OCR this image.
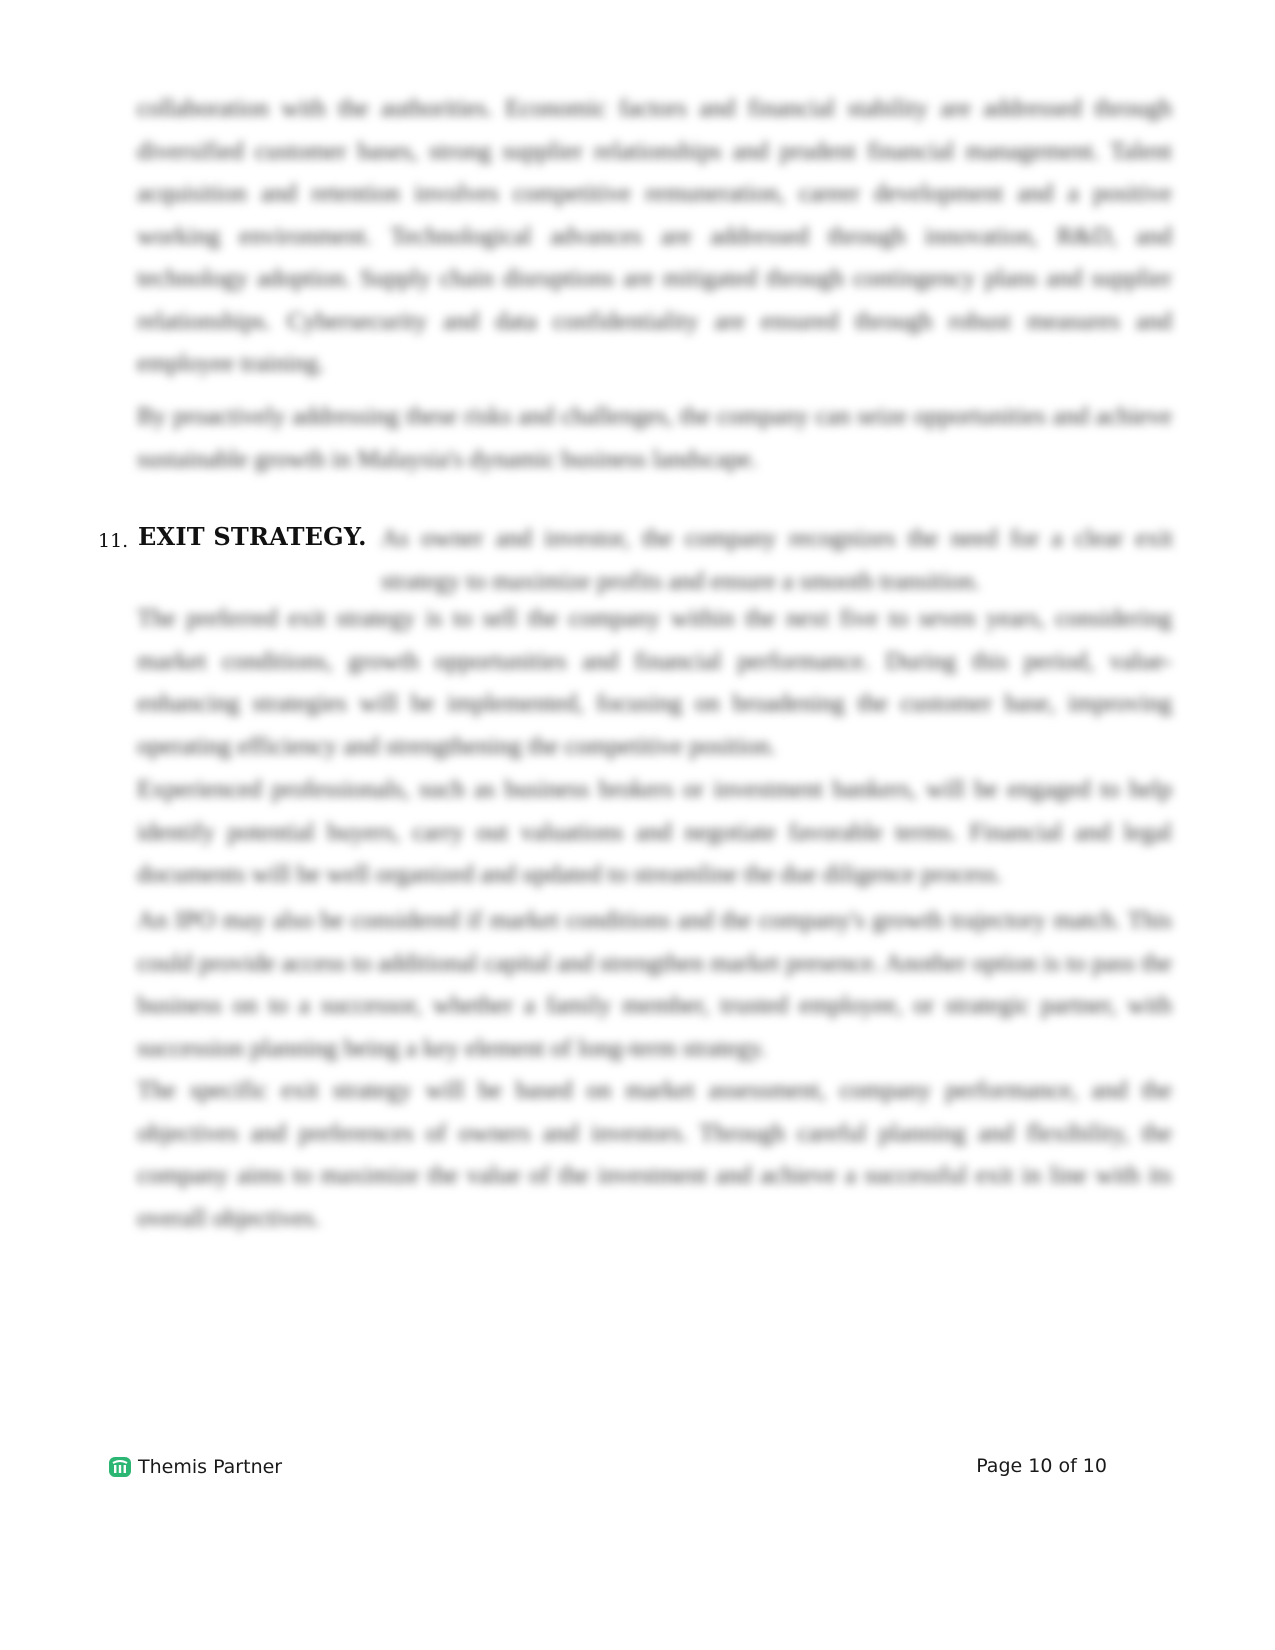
collaboration with the authorities. Economic factors and financial stability are addressed through diversified customer bases, strong supplier relationships and prudent financial management. Talent acquisition and retention involves competitive remuneration, career development and a positive working environment. Technological advances are addressed through innovation, R&D, and technology adoption. Supply chain disruptions are mitigated through contingency plans and supplier relationships. Cybersecurity and data confidentiality are ensured through robust measures and employee training.

By proactively addressing these risks and challenges, the company can seize opportunities and achieve sustainable growth in Malaysia's dynamic business landscape.

11. EXIT STRATEGY. As owner and investor, the company recognizes the need for a clear exit strategy to maximize profits and ensure a smooth transition.

The preferred exit strategy is to sell the company within the next five to seven years, considering market conditions, growth opportunities and financial performance. During this period, value-enhancing strategies will be implemented, focusing on broadening the customer base, improving operating efficiency and strengthening the competitive position.

Experienced professionals, such as business brokers or investment bankers, will be engaged to help identify potential buyers, carry out valuations and negotiate favorable terms. Financial and legal documents will be well organized and updated to streamline the due diligence process.

An IPO may also be considered if market conditions and the company's growth trajectory match. This could provide access to additional capital and strengthen market presence. Another option is to pass the business on to a successor, whether a family member, trusted employee, or strategic partner, with succession planning being a key element of long-term strategy.

The specific exit strategy will be based on market assessment, company performance, and the objectives and preferences of owners and investors. Through careful planning and flexibility, the company aims to maximize the value of the investment and achieve a successful exit in line with its overall objectives.

Themis Partner	Page 10 of 10
